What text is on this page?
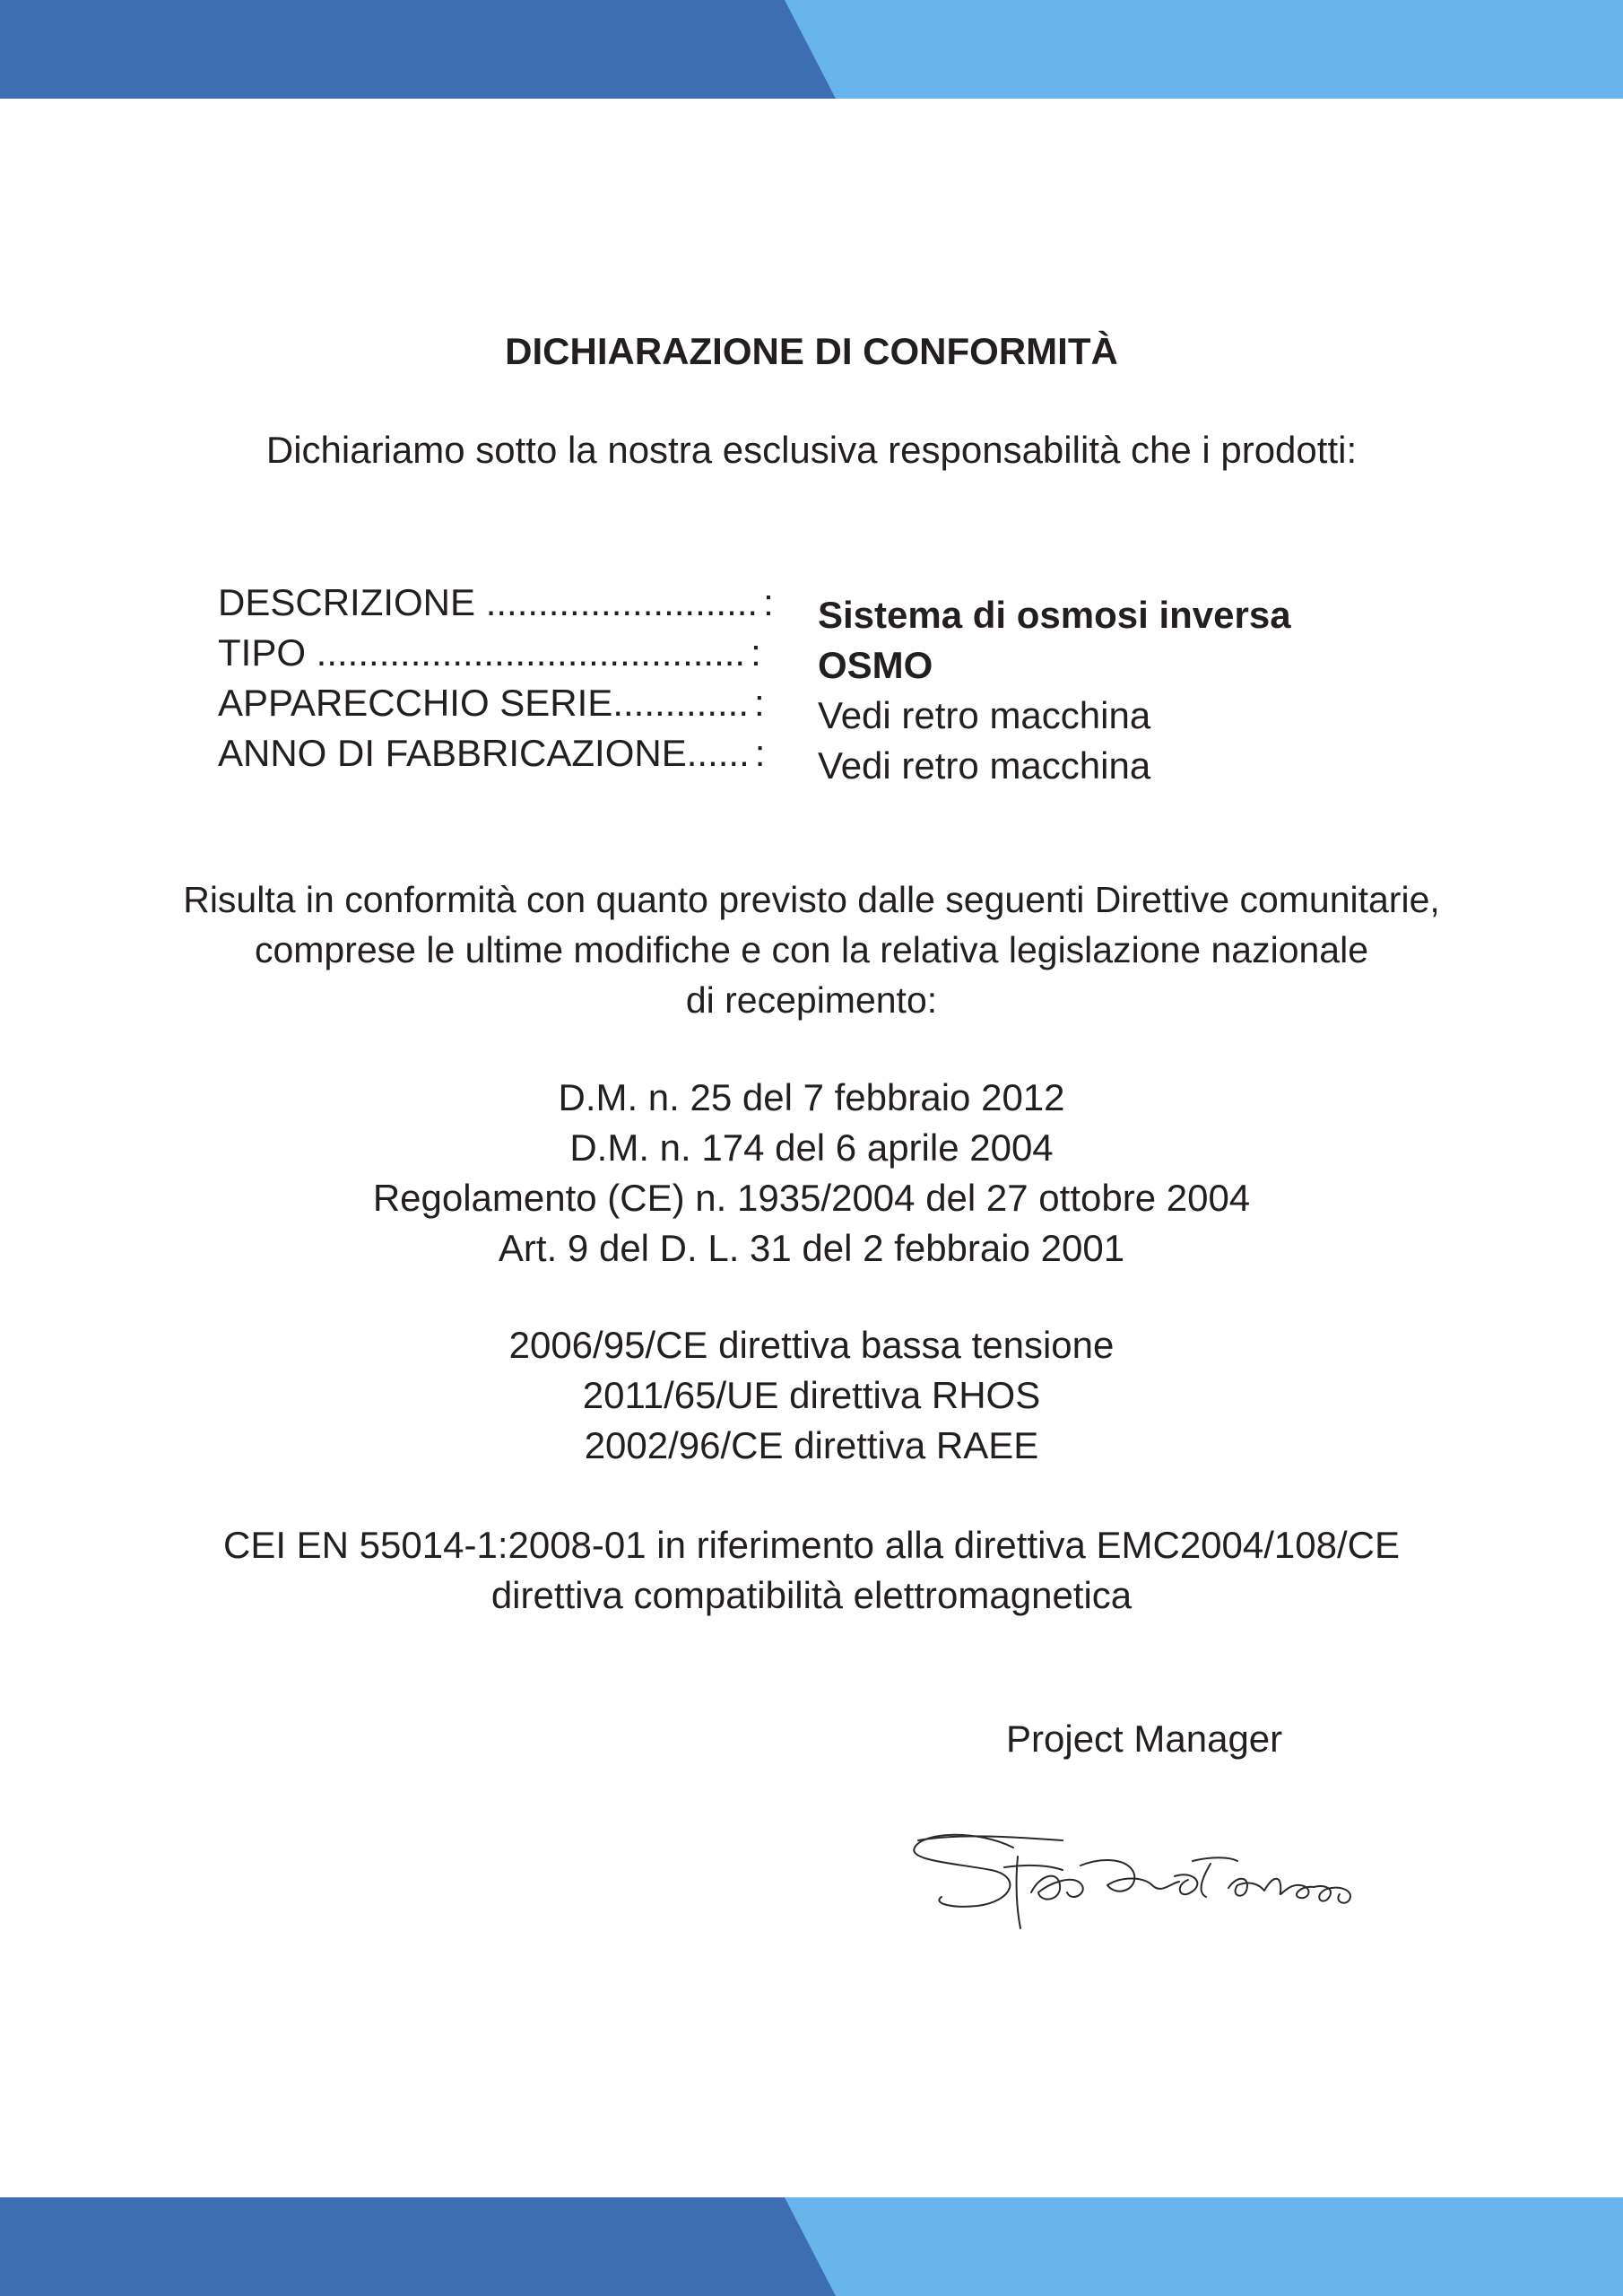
DICHIARAZIONE DI CONFORMITÀ
Dichiariamo sotto la nostra esclusiva responsabilità che i prodotti:
DESCRIZIONE .......................... : Sistema di osmosi inversa
TIPO ......................................... : OSMO
APPARECCHIO SERIE............. : Vedi retro macchina
ANNO DI FABBRICAZIONE...... : Vedi retro macchina
Risulta in conformità con quanto previsto dalle seguenti Direttive comunitarie,
comprese le ultime modifiche e con la relativa legislazione nazionale
di recepimento:
D.M. n. 25 del 7 febbraio 2012
D.M. n. 174 del 6 aprile 2004
Regolamento (CE) n. 1935/2004 del 27 ottobre 2004
Art. 9 del D. L. 31 del 2 febbraio 2001
2006/95/CE direttiva bassa tensione
2011/65/UE direttiva RHOS
2002/96/CE direttiva RAEE
CEI EN 55014-1:2008-01 in riferimento alla direttiva EMC2004/108/CE
direttiva compatibilità elettromagnetica
Project Manager
